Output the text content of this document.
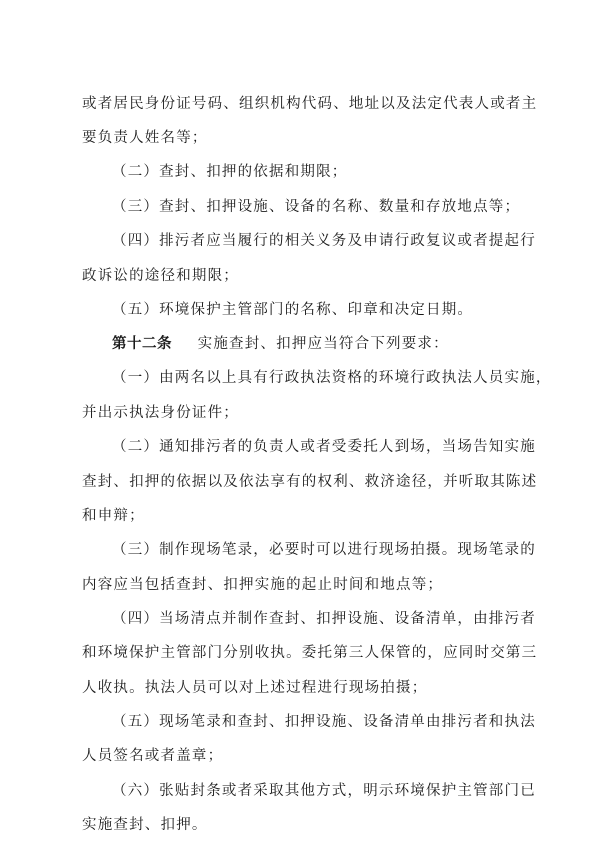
或者居民身份证号码、组织机构代码、地址以及法定代表人或者主
要负责人姓名等；
（二）查封、扣押的依据和期限；
（三）查封、扣押设施、设备的名称、数量和存放地点等；
（四）排污者应当履行的相关义务及申请行政复议或者提起行
政诉讼的途径和期限；
（五）环境保护主管部门的名称、印章和决定日期。
第十二条 实施查封、扣押应当符合下列要求：
（一）由两名以上具有行政执法资格的环境行政执法人员实施，
并出示执法身份证件；
（二）通知排污者的负责人或者受委托人到场，当场告知实施
查封、扣押的依据以及依法享有的权利、救济途径，并听取其陈述
和申辩；
（三）制作现场笔录，必要时可以进行现场拍摄。现场笔录的
内容应当包括查封、扣押实施的起止时间和地点等；
（四）当场清点并制作查封、扣押设施、设备清单，由排污者
和环境保护主管部门分别收执。委托第三人保管的，应同时交第三
人收执。执法人员可以对上述过程进行现场拍摄；
（五）现场笔录和查封、扣押设施、设备清单由排污者和执法
人员签名或者盖章；
（六）张贴封条或者采取其他方式，明示环境保护主管部门已
实施查封、扣押。
